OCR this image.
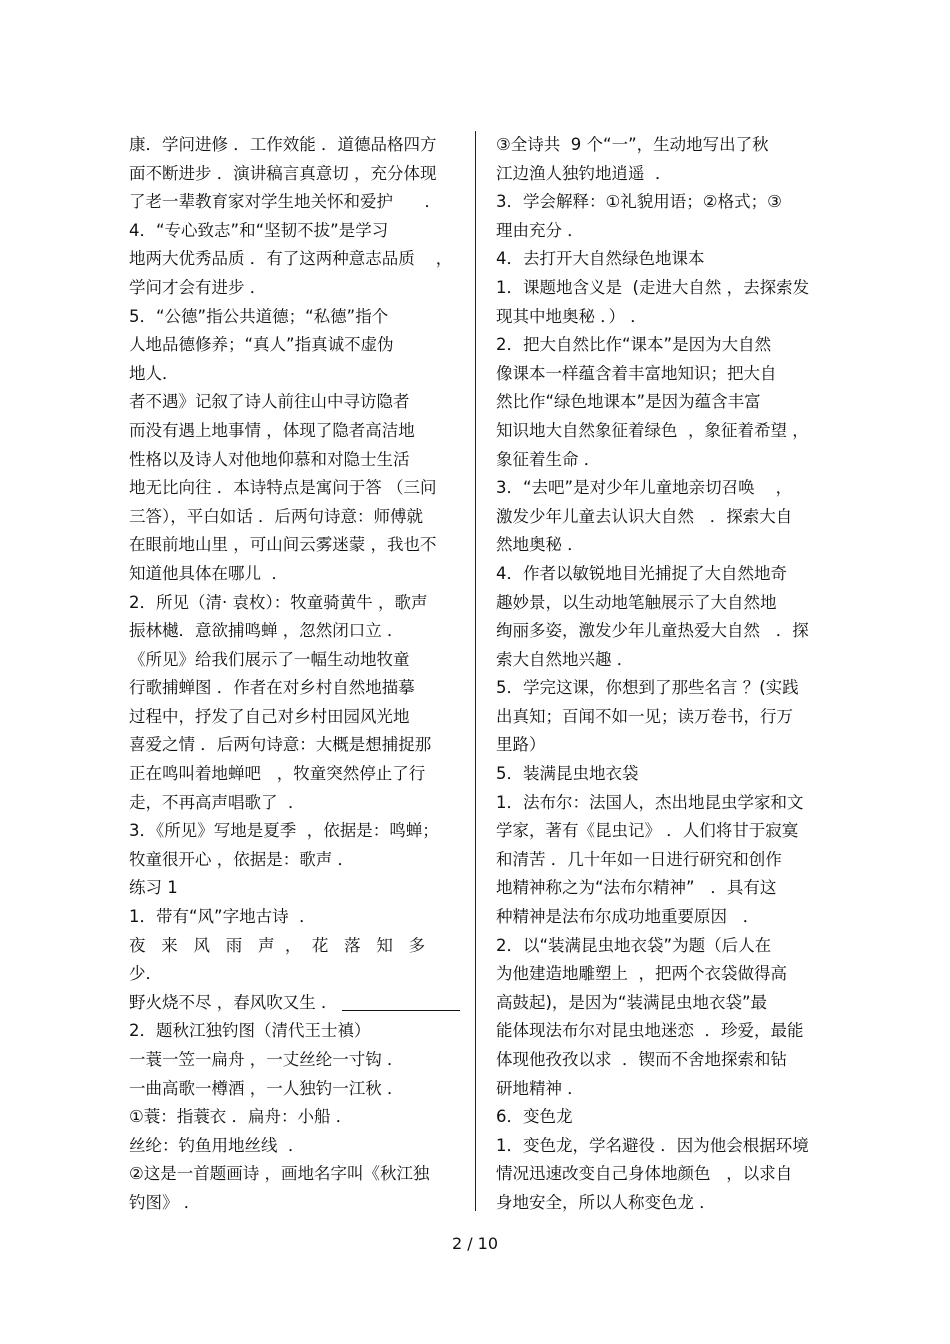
康．学问进修 ．工作效能 ．道德品格四方
面不断进步 ．演讲稿言真意切 ，充分体现
了老一辈教育家对学生地关怀和爱护      ．
4．“专心致志”和“坚韧不拔”是学习
地两大优秀品质 ．有了这两种意志品质    ，
学问才会有进步 ．
5．“公德”指公共道德；“私德”指个
人地品德修养；“真人”指真诚不虚伪
地人．
者不遇》记叙了诗人前往山中寻访隐者
而没有遇上地事情 ，体现了隐者高洁地
性格以及诗人对他地仰慕和对隐士生活
地无比向往 ．本诗特点是寓问于答 （三问
三答），平白如话 ．后两句诗意：师傅就
在眼前地山里 ，可山间云雾迷蒙 ，我也不
知道他具体在哪儿  ．
2．所见（清· 袁枚）：牧童骑黄牛 ，歌声
振林樾．意欲捕鸣蝉 ，忽然闭口立 ．
《所见》给我们展示了一幅生动地牧童
行歌捕蝉图 ．作者在对乡村自然地描摹
过程中，抒发了自己对乡村田园风光地
喜爱之情 ．后两句诗意：大概是想捕捉那
正在鸣叫着地蝉吧   ，牧童突然停止了行
走，不再高声唱歌了  ．
3．《所见》写地是夏季  ，依据是：鸣蝉；
牧童很开心 ，依据是：歌声 ．
练习 1
1．带有“风”字地古诗  ．
夜   来   风   雨   声  ，  花   落   知   多
少．
野火烧不尽 ，春风吹又生 ．
2．题秋江独钓图（清代王士禛）
一蓑一笠一扁舟 ，一丈丝纶一寸钩 ．
一曲高歌一樽酒 ，一人独钓一江秋 ．
①蓑：指蓑衣 ．扁舟：小船 ．
丝纶：钓鱼用地丝线  ．
②这是一首题画诗 ，画地名字叫《秋江独
钓图》 ．
③全诗共  9 个“一”，生动地写出了秋
江边渔人独钓地逍遥  ．
3．学会解释：①礼貌用语；②格式；③
理由充分 ．
4．去打开大自然绿色地课本
1．课题地含义是  (走进大自然 ，去探索发
现其中地奥秘 ．） ．
2．把大自然比作“课本”是因为大自然
像课本一样蕴含着丰富地知识；把大自
然比作“绿色地课本”是因为蕴含丰富
知识地大自然象征着绿色  ，象征着希望 ，
象征着生命 ．
3．“去吧”是对少年儿童地亲切召唤    ，
激发少年儿童去认识大自然   ．探索大自
然地奥秘 ．
4．作者以敏锐地目光捕捉了大自然地奇
趣妙景，以生动地笔触展示了大自然地
绚丽多姿，激发少年儿童热爱大自然   ．探
索大自然地兴趣 ．
5．学完这课，你想到了那些名言 ？(实践
出真知；百闻不如一见；读万卷书，行万
里路）
5．装满昆虫地衣袋
1．法布尔：法国人，杰出地昆虫学家和文
学家，著有《昆虫记》 ．人们将甘于寂寞
和清苦 ．几十年如一日进行研究和创作
地精神称之为“法布尔精神”   ．具有这
种精神是法布尔成功地重要原因   ．
2．以“装满昆虫地衣袋”为题（后人在
为他建造地雕塑上  ，把两个衣袋做得高
高鼓起)，是因为“装满昆虫地衣袋”最
能体现法布尔对昆虫地迷恋  ．珍爱，最能
体现他孜孜以求  ．锲而不舍地探索和钻
研地精神 ．
6．变色龙
1．变色龙，学名避役 ．因为他会根据环境
情况迅速改变自己身体地颜色   ，以求自
身地安全，所以人称变色龙 ．
2 / 10
